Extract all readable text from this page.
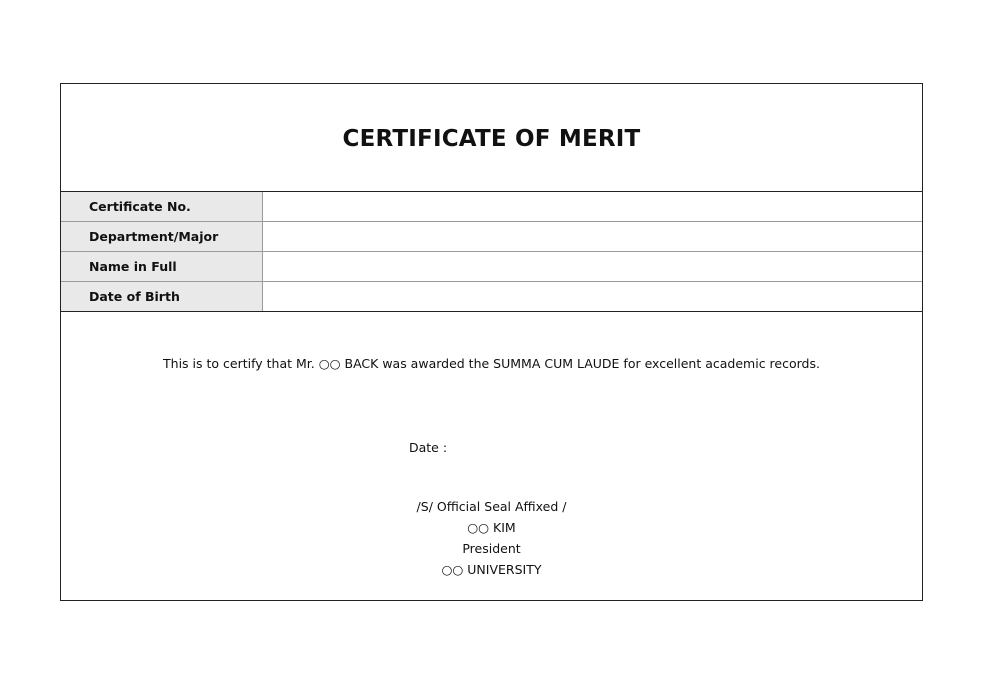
CERTIFICATE OF MERIT
Certificate No.
Department/Major
Name in Full
Date of Birth
This is to certify that Mr. ○○ BACK was awarded the SUMMA CUM LAUDE for excellent academic records.
Date :
/S/ Official Seal Affixed /
○○ KIM
President
○○ UNIVERSITY
